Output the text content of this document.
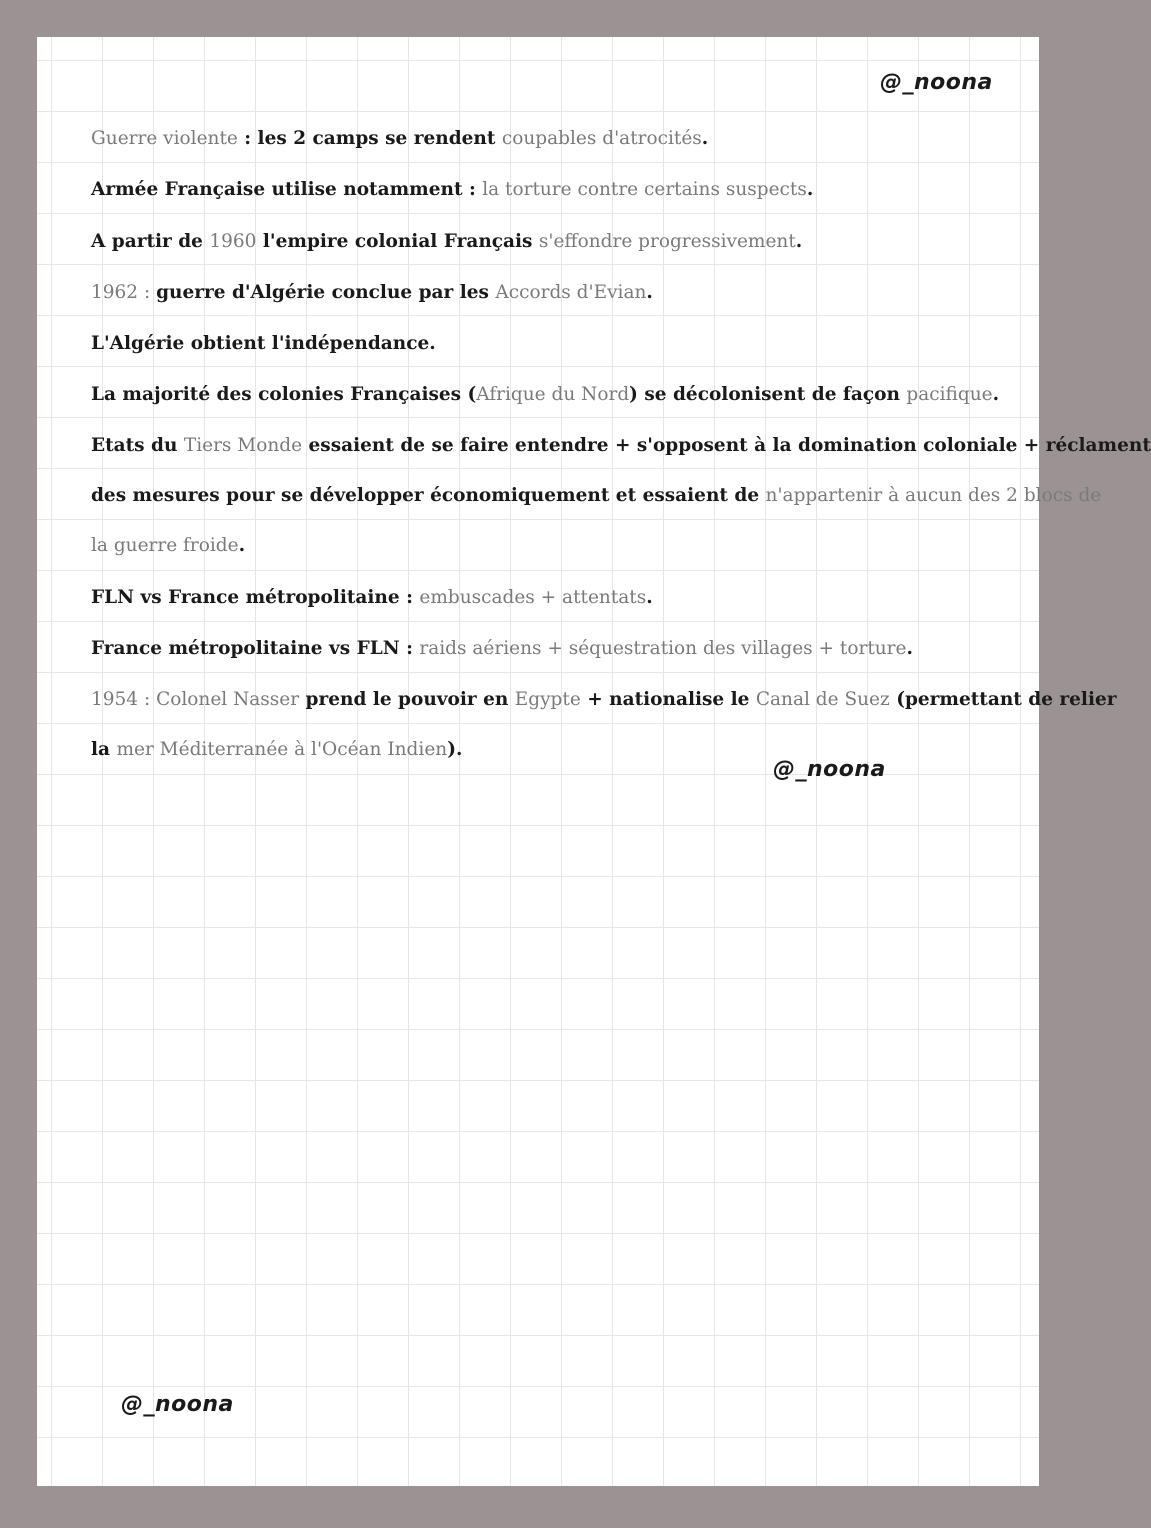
@_noona
Guerre violente : les 2 camps se rendent coupables d'atrocités.
Armée Française utilise notamment : la torture contre certains suspects.
A partir de 1960 l'empire colonial Français s'effondre progressivement.
1962 : guerre d'Algérie conclue par les Accords d'Evian.
L'Algérie obtient l'indépendance.
La majorité des colonies Françaises (Afrique du Nord) se décolonisent de façon pacifique.
Etats du Tiers Monde essaient de se faire entendre + s'opposent à la domination coloniale + réclament
des mesures pour se développer économiquement et essaient de n'appartenir à aucun des 2 blocs de
la guerre froide.
FLN vs France métropolitaine : embuscades + attentats.
France métropolitaine vs FLN : raids aériens + séquestration des villages + torture.
1954 : Colonel Nasser prend le pouvoir en Egypte + nationalise le Canal de Suez (permettant de relier
la mer Méditerranée à l'Océan Indien).
@_noona
@_noona
